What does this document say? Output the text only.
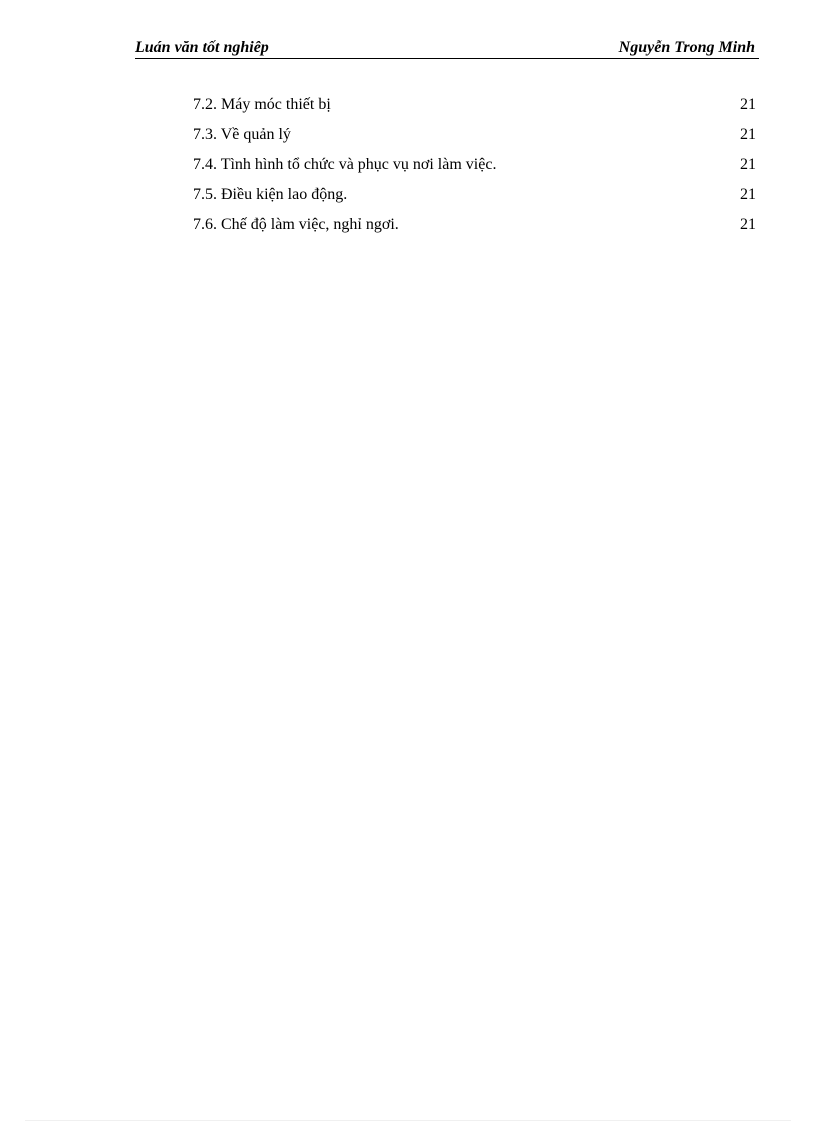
Luán văn tốt nghiêp	Nguyễn Trong Minh
7.2. Máy móc thiết bị	21
7.3. Về quản lý	21
7.4. Tình hình tổ chức và phục vụ nơi làm việc.	21
7.5. Điều kiện lao động.	21
7.6. Chế độ làm việc, nghỉ ngơi.	21
